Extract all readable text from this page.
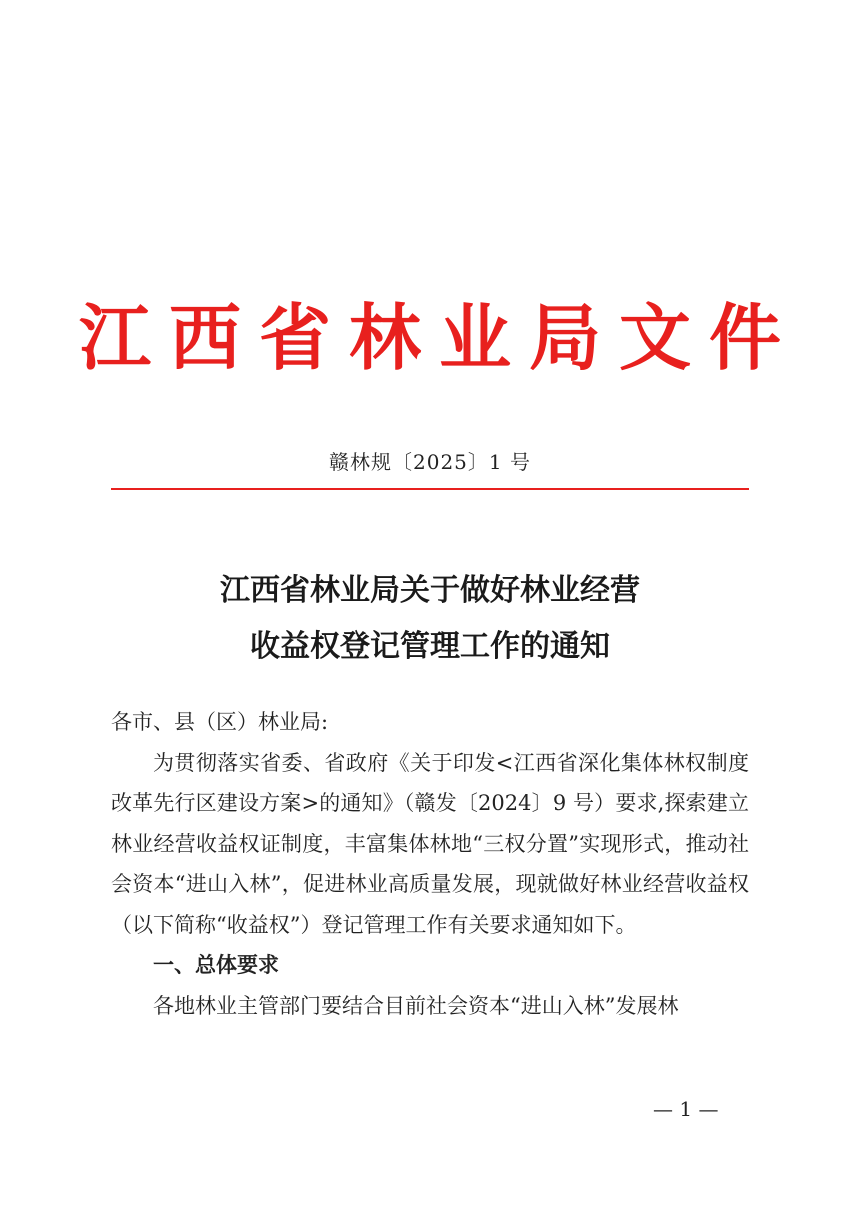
江西省林业局文件
赣林规〔2025〕1 号
江西省林业局关于做好林业经营
收益权登记管理工作的通知

各市、县（区）林业局:

为贯彻落实省委、省政府《关于印发<江西省深化集体林权制度改革先行区建设方案>的通知》（赣发〔2024〕9 号）要求,探索建立林业经营收益权证制度，丰富集体林地“三权分置”实现形式，推动社会资本“进山入林”，促进林业高质量发展，现就做好林业经营收益权（以下简称“收益权”）登记管理工作有关要求通知如下。

一、总体要求

各地林业主管部门要结合目前社会资本“进山入林”发展林

— 1 —
